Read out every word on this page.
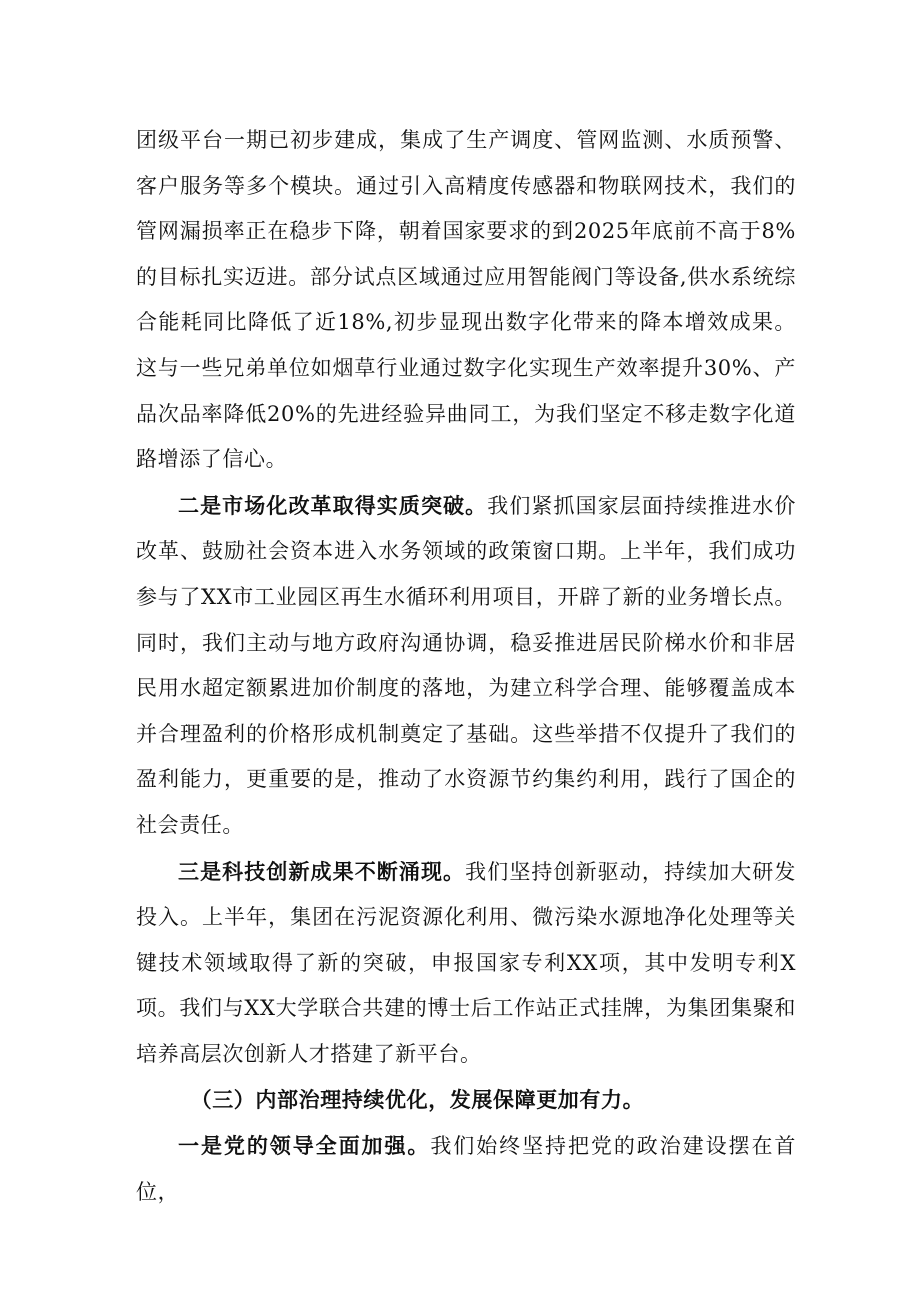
团级平台一期已初步建成，集成了生产调度、管网监测、水质预警、客户服务等多个模块。通过引入高精度传感器和物联网技术，我们的管网漏损率正在稳步下降，朝着国家要求的到2025年底前不高于8%的目标扎实迈进。部分试点区域通过应用智能阀门等设备,供水系统综合能耗同比降低了近18%,初步显现出数字化带来的降本增效成果。这与一些兄弟单位如烟草行业通过数字化实现生产效率提升30%、产品次品率降低20%的先进经验异曲同工，为我们坚定不移走数字化道路增添了信心。

二是市场化改革取得实质突破。我们紧抓国家层面持续推进水价改革、鼓励社会资本进入水务领域的政策窗口期。上半年，我们成功参与了XX市工业园区再生水循环利用项目，开辟了新的业务增长点。同时，我们主动与地方政府沟通协调，稳妥推进居民阶梯水价和非居民用水超定额累进加价制度的落地，为建立科学合理、能够覆盖成本并合理盈利的价格形成机制奠定了基础。这些举措不仅提升了我们的盈利能力，更重要的是，推动了水资源节约集约利用，践行了国企的社会责任。

三是科技创新成果不断涌现。我们坚持创新驱动，持续加大研发投入。上半年，集团在污泥资源化利用、微污染水源地净化处理等关键技术领域取得了新的突破，申报国家专利XX项，其中发明专利X项。我们与XX大学联合共建的博士后工作站正式挂牌，为集团集聚和培养高层次创新人才搭建了新平台。

（三）内部治理持续优化，发展保障更加有力。

一是党的领导全面加强。我们始终坚持把党的政治建设摆在首位，
